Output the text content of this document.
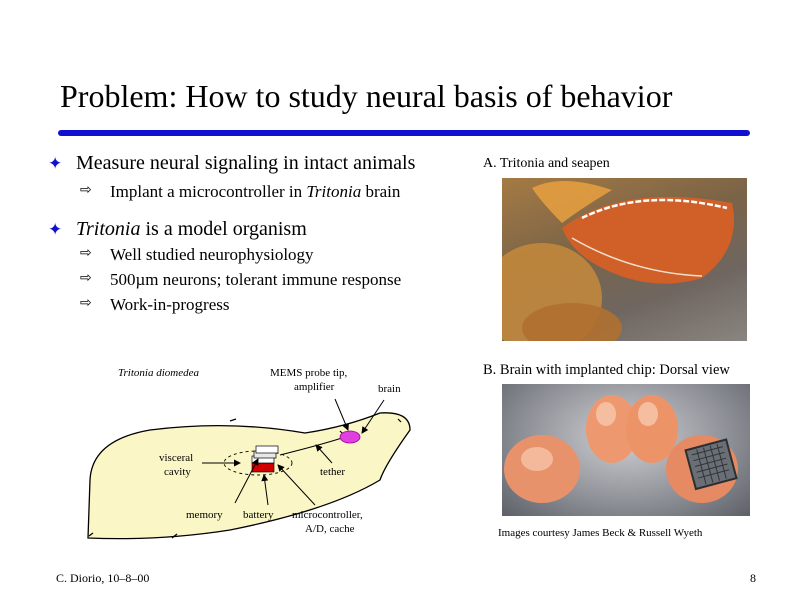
Problem: How to study neural basis of behavior
✦ Measure neural signaling in intact animals
⇨ Implant a microcontroller in Tritonia brain
✦ Tritonia is a model organism
⇨ Well studied neurophysiology
⇨ 500µm neurons; tolerant immune response
⇨ Work-in-progress
Tritonia diomedea	MEMS probe tip,
amplifier	brain
visceral
cavity	tether
memory battery microcontroller,
A/D, cache
A. Tritonia and seapen
B. Brain with implanted chip: Dorsal view
Images courtesy James Beck & Russell Wyeth
C. Diorio, 10–8–00	8
